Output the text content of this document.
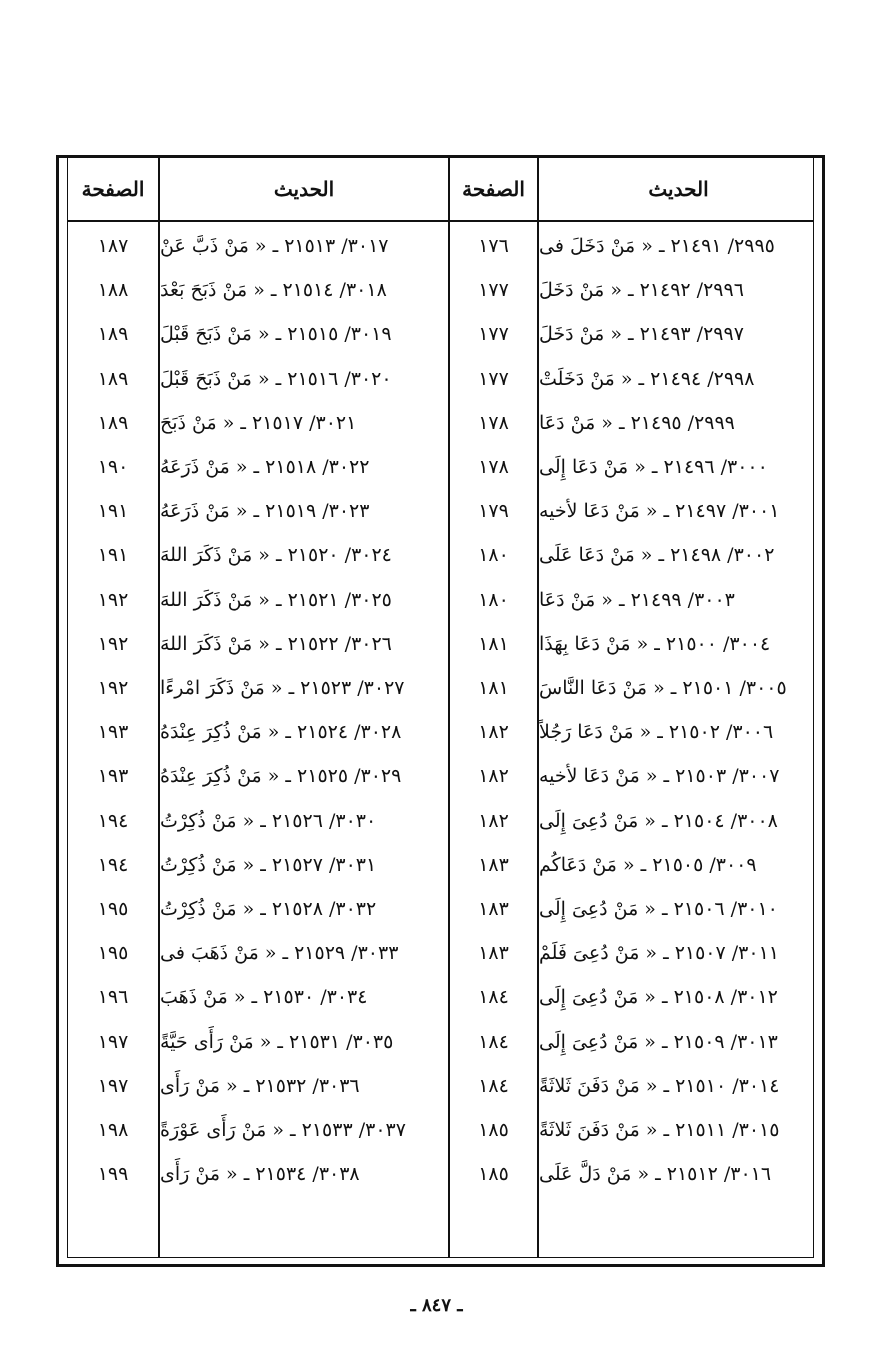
الحديث
الصفحة
الحديث
الصفحة
٢٩٩٥/ ٢١٤٩١ ـ « مَنْ دَخَلَ فى
١٧٦
٣٠١٧/ ٢١٥١٣ ـ « مَنْ ذَبَّ عَنْ
١٨٧
٢٩٩٦/ ٢١٤٩٢ ـ « مَنْ دَخَلَ
١٧٧
٣٠١٨/ ٢١٥١٤ ـ « مَنْ ذَبَحَ بَعْدَ
١٨٨
٢٩٩٧/ ٢١٤٩٣ ـ « مَنْ دَخَلَ
١٧٧
٣٠١٩/ ٢١٥١٥ ـ « مَنْ ذَبَحَ قَبْلَ
١٨٩
٢٩٩٨/ ٢١٤٩٤ ـ « مَنْ دَخَلَتْ
١٧٧
٣٠٢٠/ ٢١٥١٦ ـ « مَنْ ذَبَحَ قَبْلَ
١٨٩
٢٩٩٩/ ٢١٤٩٥ ـ « مَنْ دَعَا
١٧٨
٣٠٢١/ ٢١٥١٧ ـ « مَنْ ذَبَحَ
١٨٩
٣٠٠٠/ ٢١٤٩٦ ـ « مَنْ دَعَا إِلَى
١٧٨
٣٠٢٢/ ٢١٥١٨ ـ « مَنْ ذَرَعَهُ
١٩٠
٣٠٠١/ ٢١٤٩٧ ـ « مَنْ دَعَا لأخيه
١٧٩
٣٠٢٣/ ٢١٥١٩ ـ « مَنْ ذَرَعَهُ
١٩١
٣٠٠٢/ ٢١٤٩٨ ـ « مَنْ دَعَا عَلَى
١٨٠
٣٠٢٤/ ٢١٥٢٠ ـ « مَنْ ذَكَرَ اللهَ
١٩١
٣٠٠٣/ ٢١٤٩٩ ـ « مَنْ دَعَا
١٨٠
٣٠٢٥/ ٢١٥٢١ ـ « مَنْ ذَكَرَ اللهَ
١٩٢
٣٠٠٤/ ٢١٥٠٠ ـ « مَنْ دَعَا بِهَذَا
١٨١
٣٠٢٦/ ٢١٥٢٢ ـ « مَنْ ذَكَرَ اللهَ
١٩٢
٣٠٠٥/ ٢١٥٠١ ـ « مَنْ دَعَا النَّاسَ
١٨١
٣٠٢٧/ ٢١٥٢٣ ـ « مَنْ ذَكَرَ امْرءًا
١٩٢
٣٠٠٦/ ٢١٥٠٢ ـ « مَنْ دَعَا رَجُلاً
١٨٢
٣٠٢٨/ ٢١٥٢٤ ـ « مَنْ ذُكِرَ عِنْدَهُ
١٩٣
٣٠٠٧/ ٢١٥٠٣ ـ « مَنْ دَعَا لأخيه
١٨٢
٣٠٢٩/ ٢١٥٢٥ ـ « مَنْ ذُكِرَ عِنْدَهُ
١٩٣
٣٠٠٨/ ٢١٥٠٤ ـ « مَنْ دُعِىَ إِلَى
١٨٢
٣٠٣٠/ ٢١٥٢٦ ـ « مَنْ ذُكِرْتُ
١٩٤
٣٠٠٩/ ٢١٥٠٥ ـ « مَنْ دَعَاكُم
١٨٣
٣٠٣١/ ٢١٥٢٧ ـ « مَنْ ذُكِرْتُ
١٩٤
٣٠١٠/ ٢١٥٠٦ ـ « مَنْ دُعِىَ إِلَى
١٨٣
٣٠٣٢/ ٢١٥٢٨ ـ « مَنْ ذُكِرْتُ
١٩٥
٣٠١١/ ٢١٥٠٧ ـ « مَنْ دُعِىَ فَلَمْ
١٨٣
٣٠٣٣/ ٢١٥٢٩ ـ « مَنْ ذَهَبَ فى
١٩٥
٣٠١٢/ ٢١٥٠٨ ـ « مَنْ دُعِىَ إِلَى
١٨٤
٣٠٣٤/ ٢١٥٣٠ ـ « مَنْ ذَهَبَ
١٩٦
٣٠١٣/ ٢١٥٠٩ ـ « مَنْ دُعِىَ إِلَى
١٨٤
٣٠٣٥/ ٢١٥٣١ ـ « مَنْ رَأَى حَيَّةً
١٩٧
٣٠١٤/ ٢١٥١٠ ـ « مَنْ دَفَنَ ثَلاثَةً
١٨٤
٣٠٣٦/ ٢١٥٣٢ ـ « مَنْ رَأَى
١٩٧
٣٠١٥/ ٢١٥١١ ـ « مَنْ دَفَنَ ثَلاثَةً
١٨٥
٣٠٣٧/ ٢١٥٣٣ ـ « مَنْ رَأَى عَوْرَةً
١٩٨
٣٠١٦/ ٢١٥١٢ ـ « مَنْ دَلَّ عَلَى
١٨٥
٣٠٣٨/ ٢١٥٣٤ ـ « مَنْ رَأَى
١٩٩
ـ ٨٤٧ ـ
